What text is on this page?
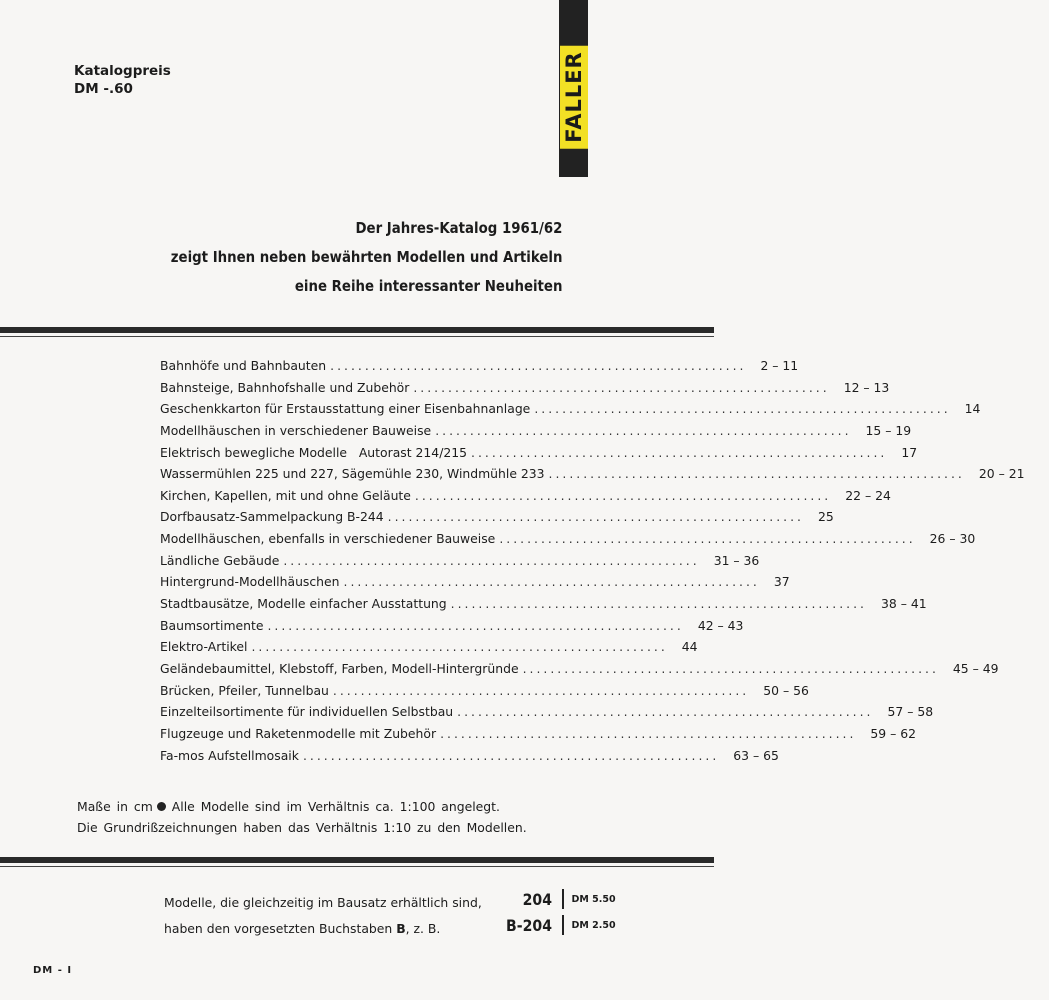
Katalogpreis
DM -.60	FALLER
Der Jahres-Katalog 1961/62
zeigt Ihnen neben bewährten Modellen und Artikeln
eine Reihe interessanter Neuheiten
Bahnhöfe und Bahnbauten ............................................................	2 – 11
Bahnsteige, Bahnhofshalle und Zubehör ............................................................	12 – 13
Geschenkkarton für Erstausstattung einer Eisenbahnanlage ............................................................	14
Modellhäuschen in verschiedener Bauweise ............................................................	15 – 19
Elektrisch bewegliche Modelle   Autorast 214/215 ............................................................	17
Wassermühlen 225 und 227, Sägemühle 230, Windmühle 233 ............................................................	20 – 21
Kirchen, Kapellen, mit und ohne Geläute ............................................................	22 – 24
Dorfbausatz-Sammelpackung B-244 ............................................................	25
Modellhäuschen, ebenfalls in verschiedener Bauweise ............................................................	26 – 30
Ländliche Gebäude ............................................................	31 – 36
Hintergrund-Modellhäuschen ............................................................	37
Stadtbausätze, Modelle einfacher Ausstattung ............................................................	38 – 41
Baumsortimente ............................................................	42 – 43
Elektro-Artikel ............................................................	44
Geländebaumittel, Klebstoff, Farben, Modell-Hintergründe ............................................................	45 – 49
Brücken, Pfeiler, Tunnelbau ............................................................	50 – 56
Einzelteilsortimente für individuellen Selbstbau ............................................................	57 – 58
Flugzeuge und Raketenmodelle mit Zubehör ............................................................	59 – 62
Fa-mos Aufstellmosaik ............................................................	63 – 65
Maße in cm Alle Modelle sind im Verhältnis ca. 1:100 angelegt.
Die Grundrißzeichnungen haben das Verhältnis 1:10 zu den Modellen.
Modelle, die gleichzeitig im Bausatz erhältlich sind,
haben den vorgesetzten Buchstaben B, z. B.
204 DM 5.50
B-204 DM 2.50
DM - I
